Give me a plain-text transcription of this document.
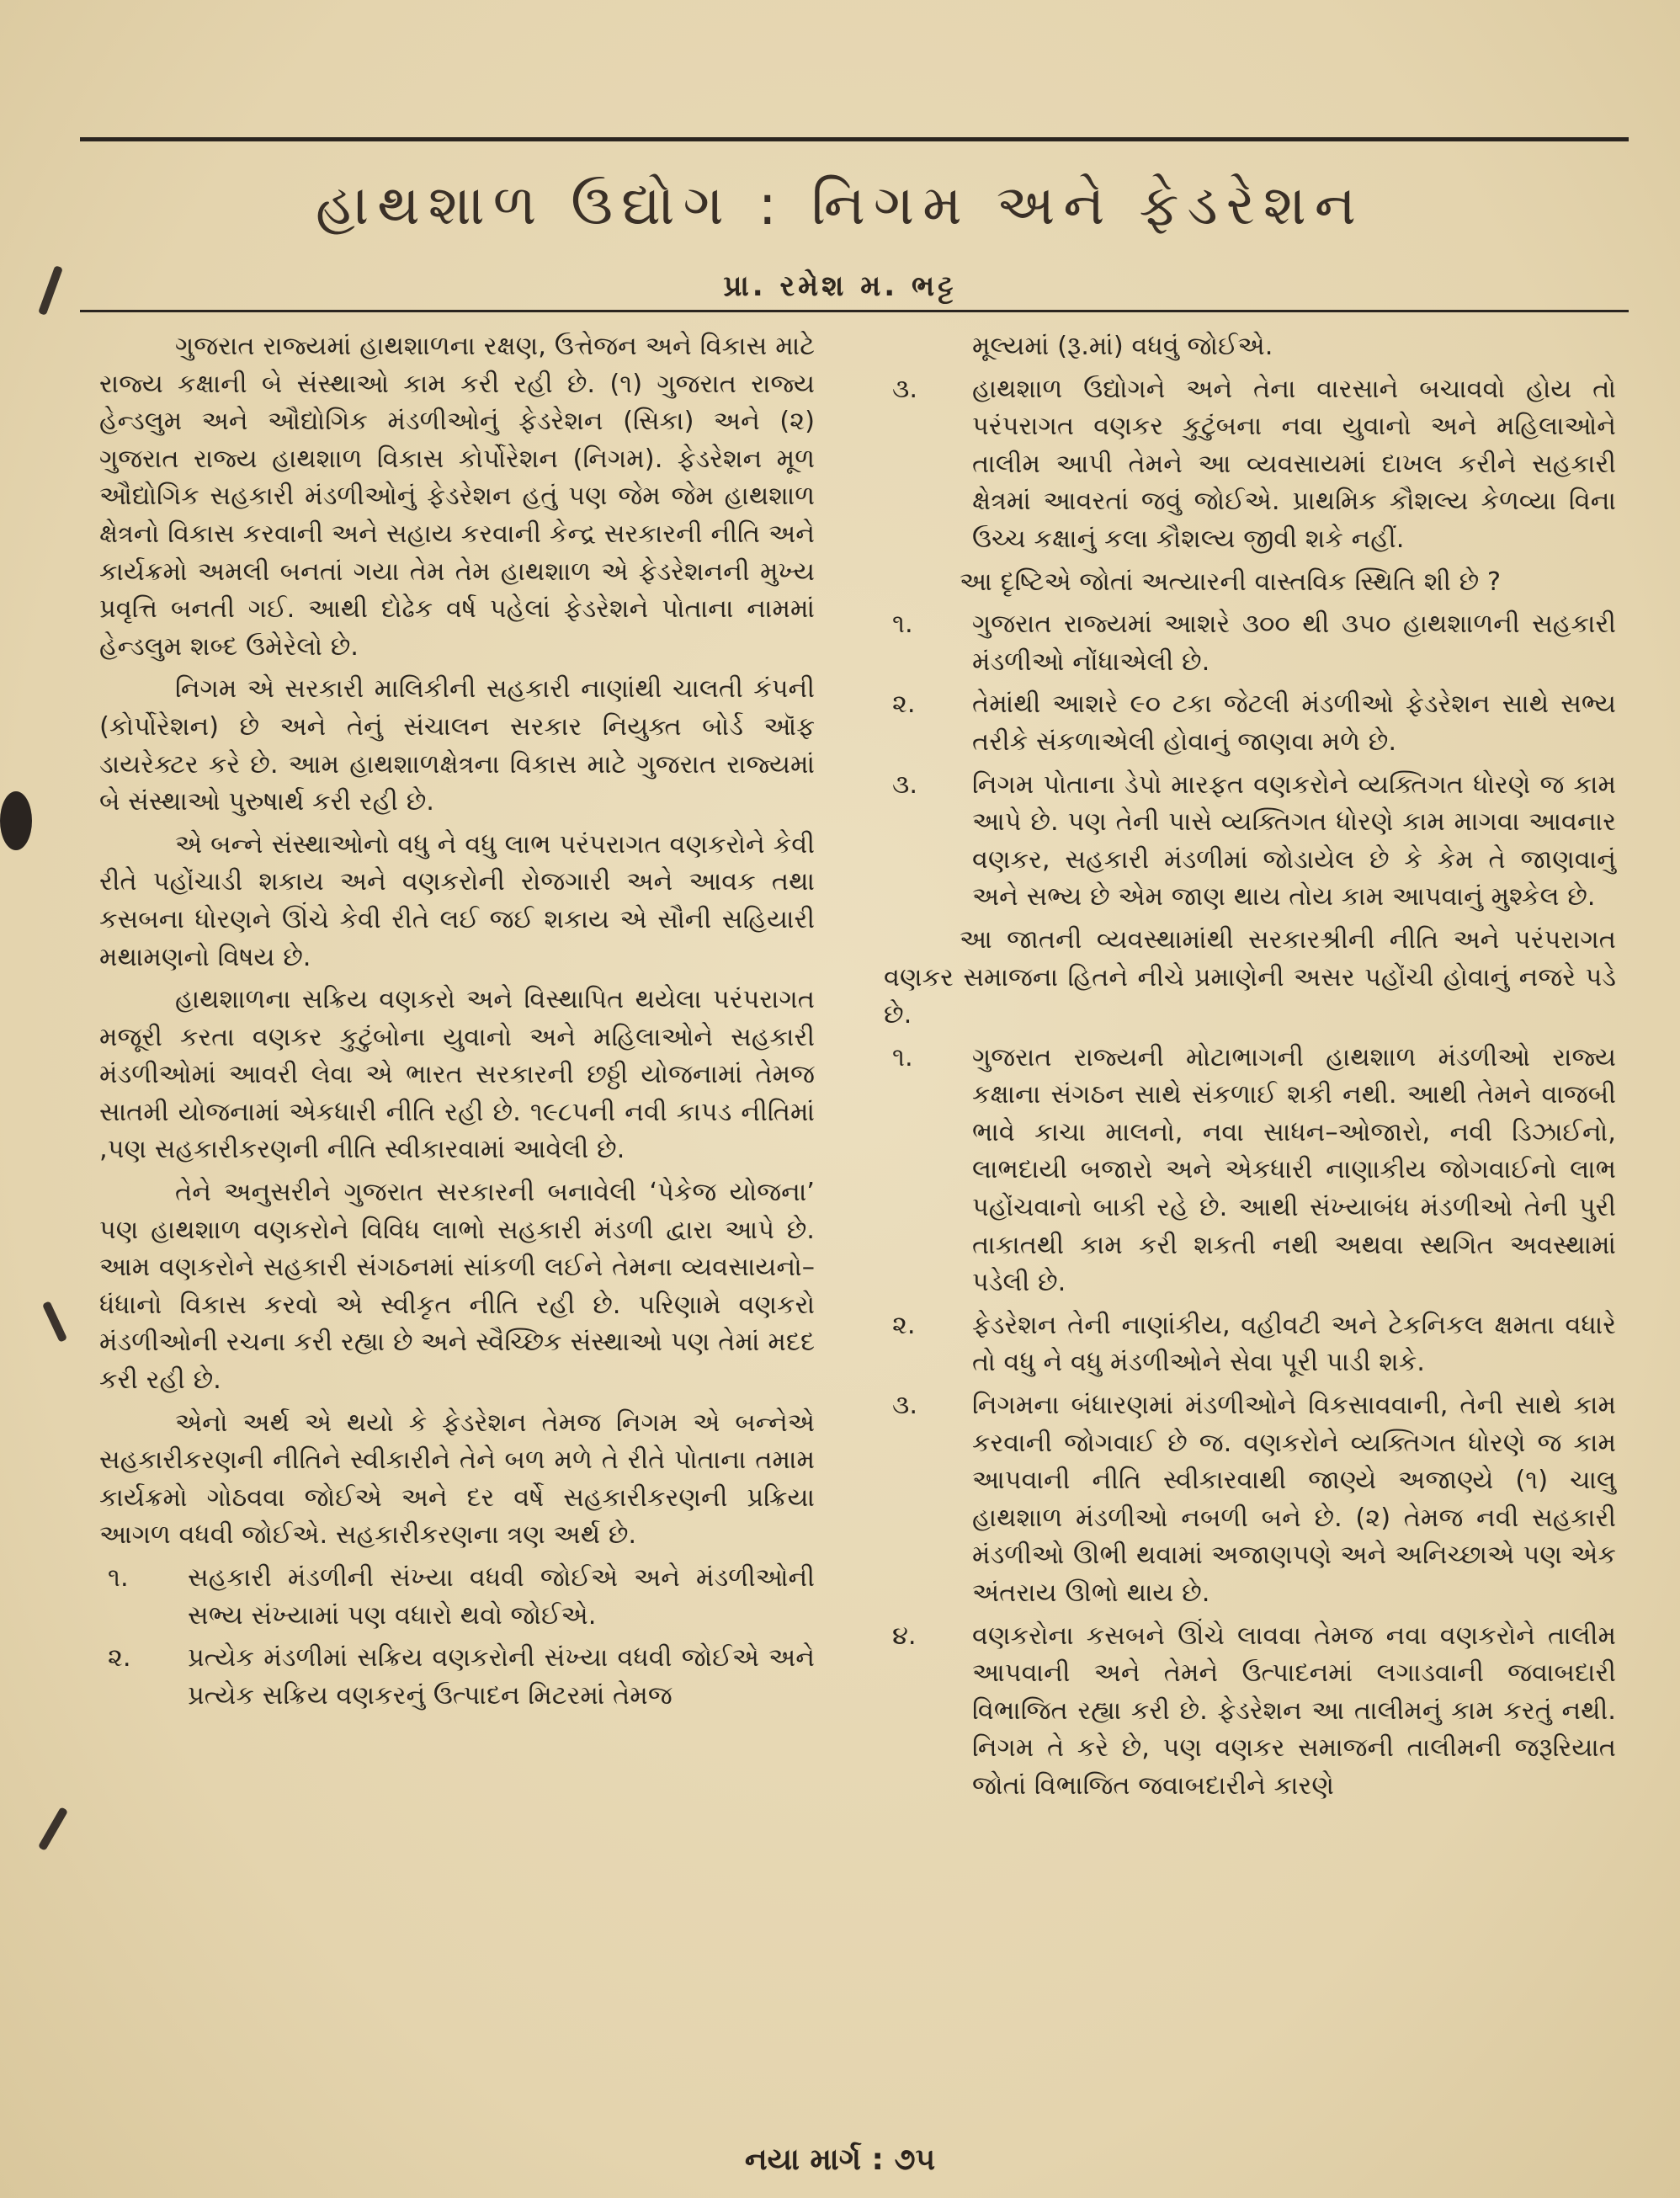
હાથશાળ ઉદ્યોગ : નિગમ અને ફેડરેશન
પ્રા. રમેશ મ. ભટ્ટ

ગુજરાત રાજ્યમાં હાથશાળના રક્ષણ, ઉત્તેજન અને વિકાસ માટે રાજ્ય કક્ષાની બે સંસ્થાઓ કામ કરી રહી છે. (૧) ગુજરાત રાજ્ય હેન્ડલુમ અને ઔદ્યોગિક મંડળીઓનું ફેડરેશન (સિકા) અને (૨) ગુજરાત રાજ્ય હાથશાળ વિકાસ કોર્પોરેશન (નિગમ). ફેડરેશન મૂળ ઔદ્યોગિક સહકારી મંડળીઓનું ફેડરેશન હતું પણ જેમ જેમ હાથશાળ ક્ષેત્રનો વિકાસ કરવાની અને સહાય કરવાની કેન્દ્ર સરકારની નીતિ અને કાર્યક્રમો અમલી બનતાં ગયા તેમ તેમ હાથશાળ એ ફેડરેશનની મુખ્ય પ્રવૃત્તિ બનતી ગઈ. આથી દોઢેક વર્ષ પહેલાં ફેડરેશને પોતાના નામમાં હેન્ડલુમ શબ્દ ઉમેરેલો છે.

નિગમ એ સરકારી માલિકીની સહકારી નાણાંથી ચાલતી કંપની (કોર્પોરેશન) છે અને તેનું સંચાલન સરકાર નિયુક્ત બોર્ડ ઑફ ડાયરેક્ટર કરે છે. આમ હાથશાળક્ષેત્રના વિકાસ માટે ગુજરાત રાજ્યમાં બે સંસ્થાઓ પુરુષાર્થ કરી રહી છે.

એ બન્ને સંસ્થાઓનો વધુ ને વધુ લાભ પરંપરાગત વણકરોને કેવી રીતે પહોંચાડી શકાય અને વણકરોની રોજગારી અને આવક તથા કસબના ધોરણને ઊંચે કેવી રીતે લઈ જઈ શકાય એ સૌની સહિયારી મથામણનો વિષય છે.

હાથશાળના સક્રિય વણકરો અને વિસ્થાપિત થયેલા પરંપરાગત મજૂરી કરતા વણકર કુટુંબોના યુવાનો અને મહિલાઓને સહકારી મંડળીઓમાં આવરી લેવા એ ભારત સરકારની છઠ્ઠી યોજનામાં તેમજ સાતમી યોજનામાં એકધારી નીતિ રહી છે. ૧૯૮૫ની નવી કાપડ નીતિમાં ,પણ સહકારીકરણની નીતિ સ્વીકારવામાં આવેલી છે.

તેને અનુસરીને ગુજરાત સરકારની બનાવેલી ‘પેકેજ યોજના’ પણ હાથશાળ વણકરોને વિવિધ લાભો સહકારી મંડળી દ્વારા આપે છે. આમ વણકરોને સહકારી સંગઠનમાં સાંકળી લઈને તેમના વ્યવસાયનો–ધંધાનો વિકાસ કરવો એ સ્વીકૃત નીતિ રહી છે. પરિણામે વણકરો મંડળીઓની રચના કરી રહ્યા છે અને સ્વૈચ્છિક સંસ્થાઓ પણ તેમાં મદદ કરી રહી છે.

એનો અર્થ એ થયો કે ફેડરેશન તેમજ નિગમ એ બન્નેએ સહકારીકરણની નીતિને સ્વીકારીને તેને બળ મળે તે રીતે પોતાના તમામ કાર્યક્રમો ગોઠવવા જોઈએ અને દર વર્ષે સહકારીકરણની પ્રક્રિયા આગળ વધવી જોઈએ. સહકારીકરણના ત્રણ અર્થ છે.

૧.	સહકારી મંડળીની સંખ્યા વધવી જોઈએ અને મંડળીઓની સભ્ય સંખ્યામાં પણ વધારો થવો જોઈએ.
૨.	પ્રત્યેક મંડળીમાં સક્રિય વણકરોની સંખ્યા વધવી જોઈએ અને પ્રત્યેક સક્રિય વણકરનું ઉત્પાદન મિટરમાં તેમજ

મૂલ્યમાં (રૂ.માં) વધવું જોઈએ.

૩.	હાથશાળ ઉદ્યોગને અને તેના વારસાને બચાવવો હોય તો પરંપરાગત વણકર કુટુંબના નવા યુવાનો અને મહિલાઓને તાલીમ આપી તેમને આ વ્યવસાયમાં દાખલ કરીને સહકારી ક્ષેત્રમાં આવરતાં જવું જોઈએ. પ્રાથમિક કૌશલ્ય કેળવ્યા વિના ઉચ્ચ કક્ષાનું કલા કૌશલ્ય જીવી શકે નહીં.

આ દૃષ્ટિએ જોતાં અત્યારની વાસ્તવિક સ્થિતિ શી છે ?

૧.	ગુજરાત રાજ્યમાં આશરે ૩૦૦ થી ૩૫૦ હાથશાળની સહકારી મંડળીઓ નોંધાએલી છે.
૨.	તેમાંથી આશરે ૯૦ ટકા જેટલી મંડળીઓ ફેડરેશન સાથે સભ્ય તરીકે સંકળાએલી હોવાનું જાણવા મળે છે.
૩.	નિગમ પોતાના ડેપો મારફત વણકરોને વ્યક્તિગત ધોરણે જ કામ આપે છે. પણ તેની પાસે વ્યક્તિગત ધોરણે કામ માગવા આવનાર વણકર, સહકારી મંડળીમાં જોડાયેલ છે કે કેમ તે જાણવાનું અને સભ્ય છે એમ જાણ થાય તોય કામ આપવાનું મુશ્કેલ છે.

આ જાતની વ્યવસ્થામાંથી સરકારશ્રીની નીતિ અને પરંપરાગત વણકર સમાજના હિતને નીચે પ્રમાણેની અસર પહોંચી હોવાનું નજરે પડે છે.

૧.	ગુજરાત રાજ્યની મોટાભાગની હાથશાળ મંડળીઓ રાજ્ય કક્ષાના સંગઠન સાથે સંકળાઈ શકી નથી. આથી તેમને વાજબી ભાવે કાચા માલનો, નવા સાધન–ઓજારો, નવી ડિઝાઈનો, લાભદાયી બજારો અને એકધારી નાણાકીય જોગવાઈનો લાભ પહોંચવાનો બાકી રહે છે. આથી સંખ્યાબંધ મંડળીઓ તેની પુરી તાકાતથી કામ કરી શકતી નથી અથવા સ્થગિત અવસ્થામાં પડેલી છે.
૨.	ફેડરેશન તેની નાણાંકીય, વહીવટી અને ટેકનિકલ ક્ષમતા વધારે તો વધુ ને વધુ મંડળીઓને સેવા પૂરી પાડી શકે.
૩.	નિગમના બંધારણમાં મંડળીઓને વિકસાવવાની, તેની સાથે કામ કરવાની જોગવાઈ છે જ. વણકરોને વ્યક્તિગત ધોરણે જ કામ આપવાની નીતિ સ્વીકારવાથી જાણ્યે અજાણ્યે (૧) ચાલુ હાથશાળ મંડળીઓ નબળી બને છે. (૨) તેમજ નવી સહકારી મંડળીઓ ઊભી થવામાં અજાણપણે અને અનિચ્છાએ પણ એક અંતરાય ઊભો થાય છે.
૪.	વણકરોના કસબને ઊંચે લાવવા તેમજ નવા વણકરોને તાલીમ આપવાની અને તેમને ઉત્પાદનમાં લગાડવાની જવાબદારી વિભાજિત રહ્યા કરી છે. ફેડરેશન આ તાલીમનું કામ કરતું નથી. નિગમ તે કરે છે, પણ વણકર સમાજની તાલીમની જરૂરિયાત જોતાં વિભાજિત જવાબદારીને કારણે
નયા માર્ગ : ૭૫
